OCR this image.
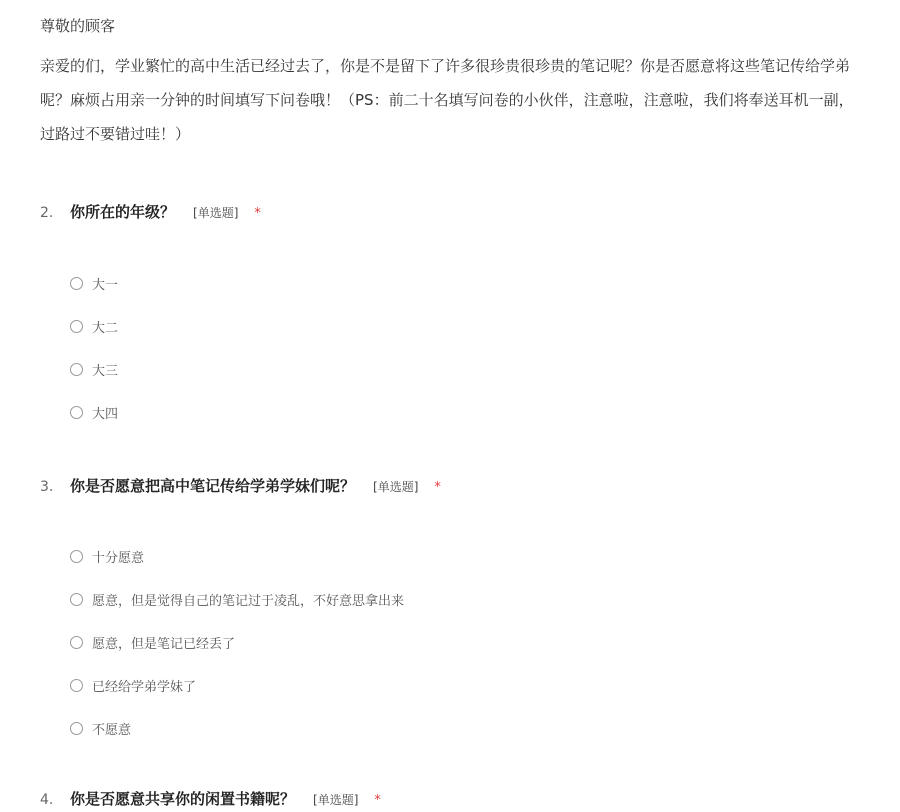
尊敬的顾客
亲爱的们，学业繁忙的高中生活已经过去了，你是不是留下了许多很珍贵很珍贵的笔记呢？你是否愿意将这些笔记传给学弟
呢？麻烦占用亲一分钟的时间填写下问卷哦！（PS：前二十名填写问卷的小伙伴，注意啦，注意啦，我们将奉送耳机一副，
过路过不要错过哇！）
2.	你所在的年级？ [单选题] *
大一
大二
大三
大四
3.	你是否愿意把高中笔记传给学弟学妹们呢？ [单选题] *
十分愿意
愿意，但是觉得自己的笔记过于凌乱，不好意思拿出来
愿意，但是笔记已经丢了
已经给学弟学妹了
不愿意
4.	你是否愿意共享你的闲置书籍呢？ [单选题] *
